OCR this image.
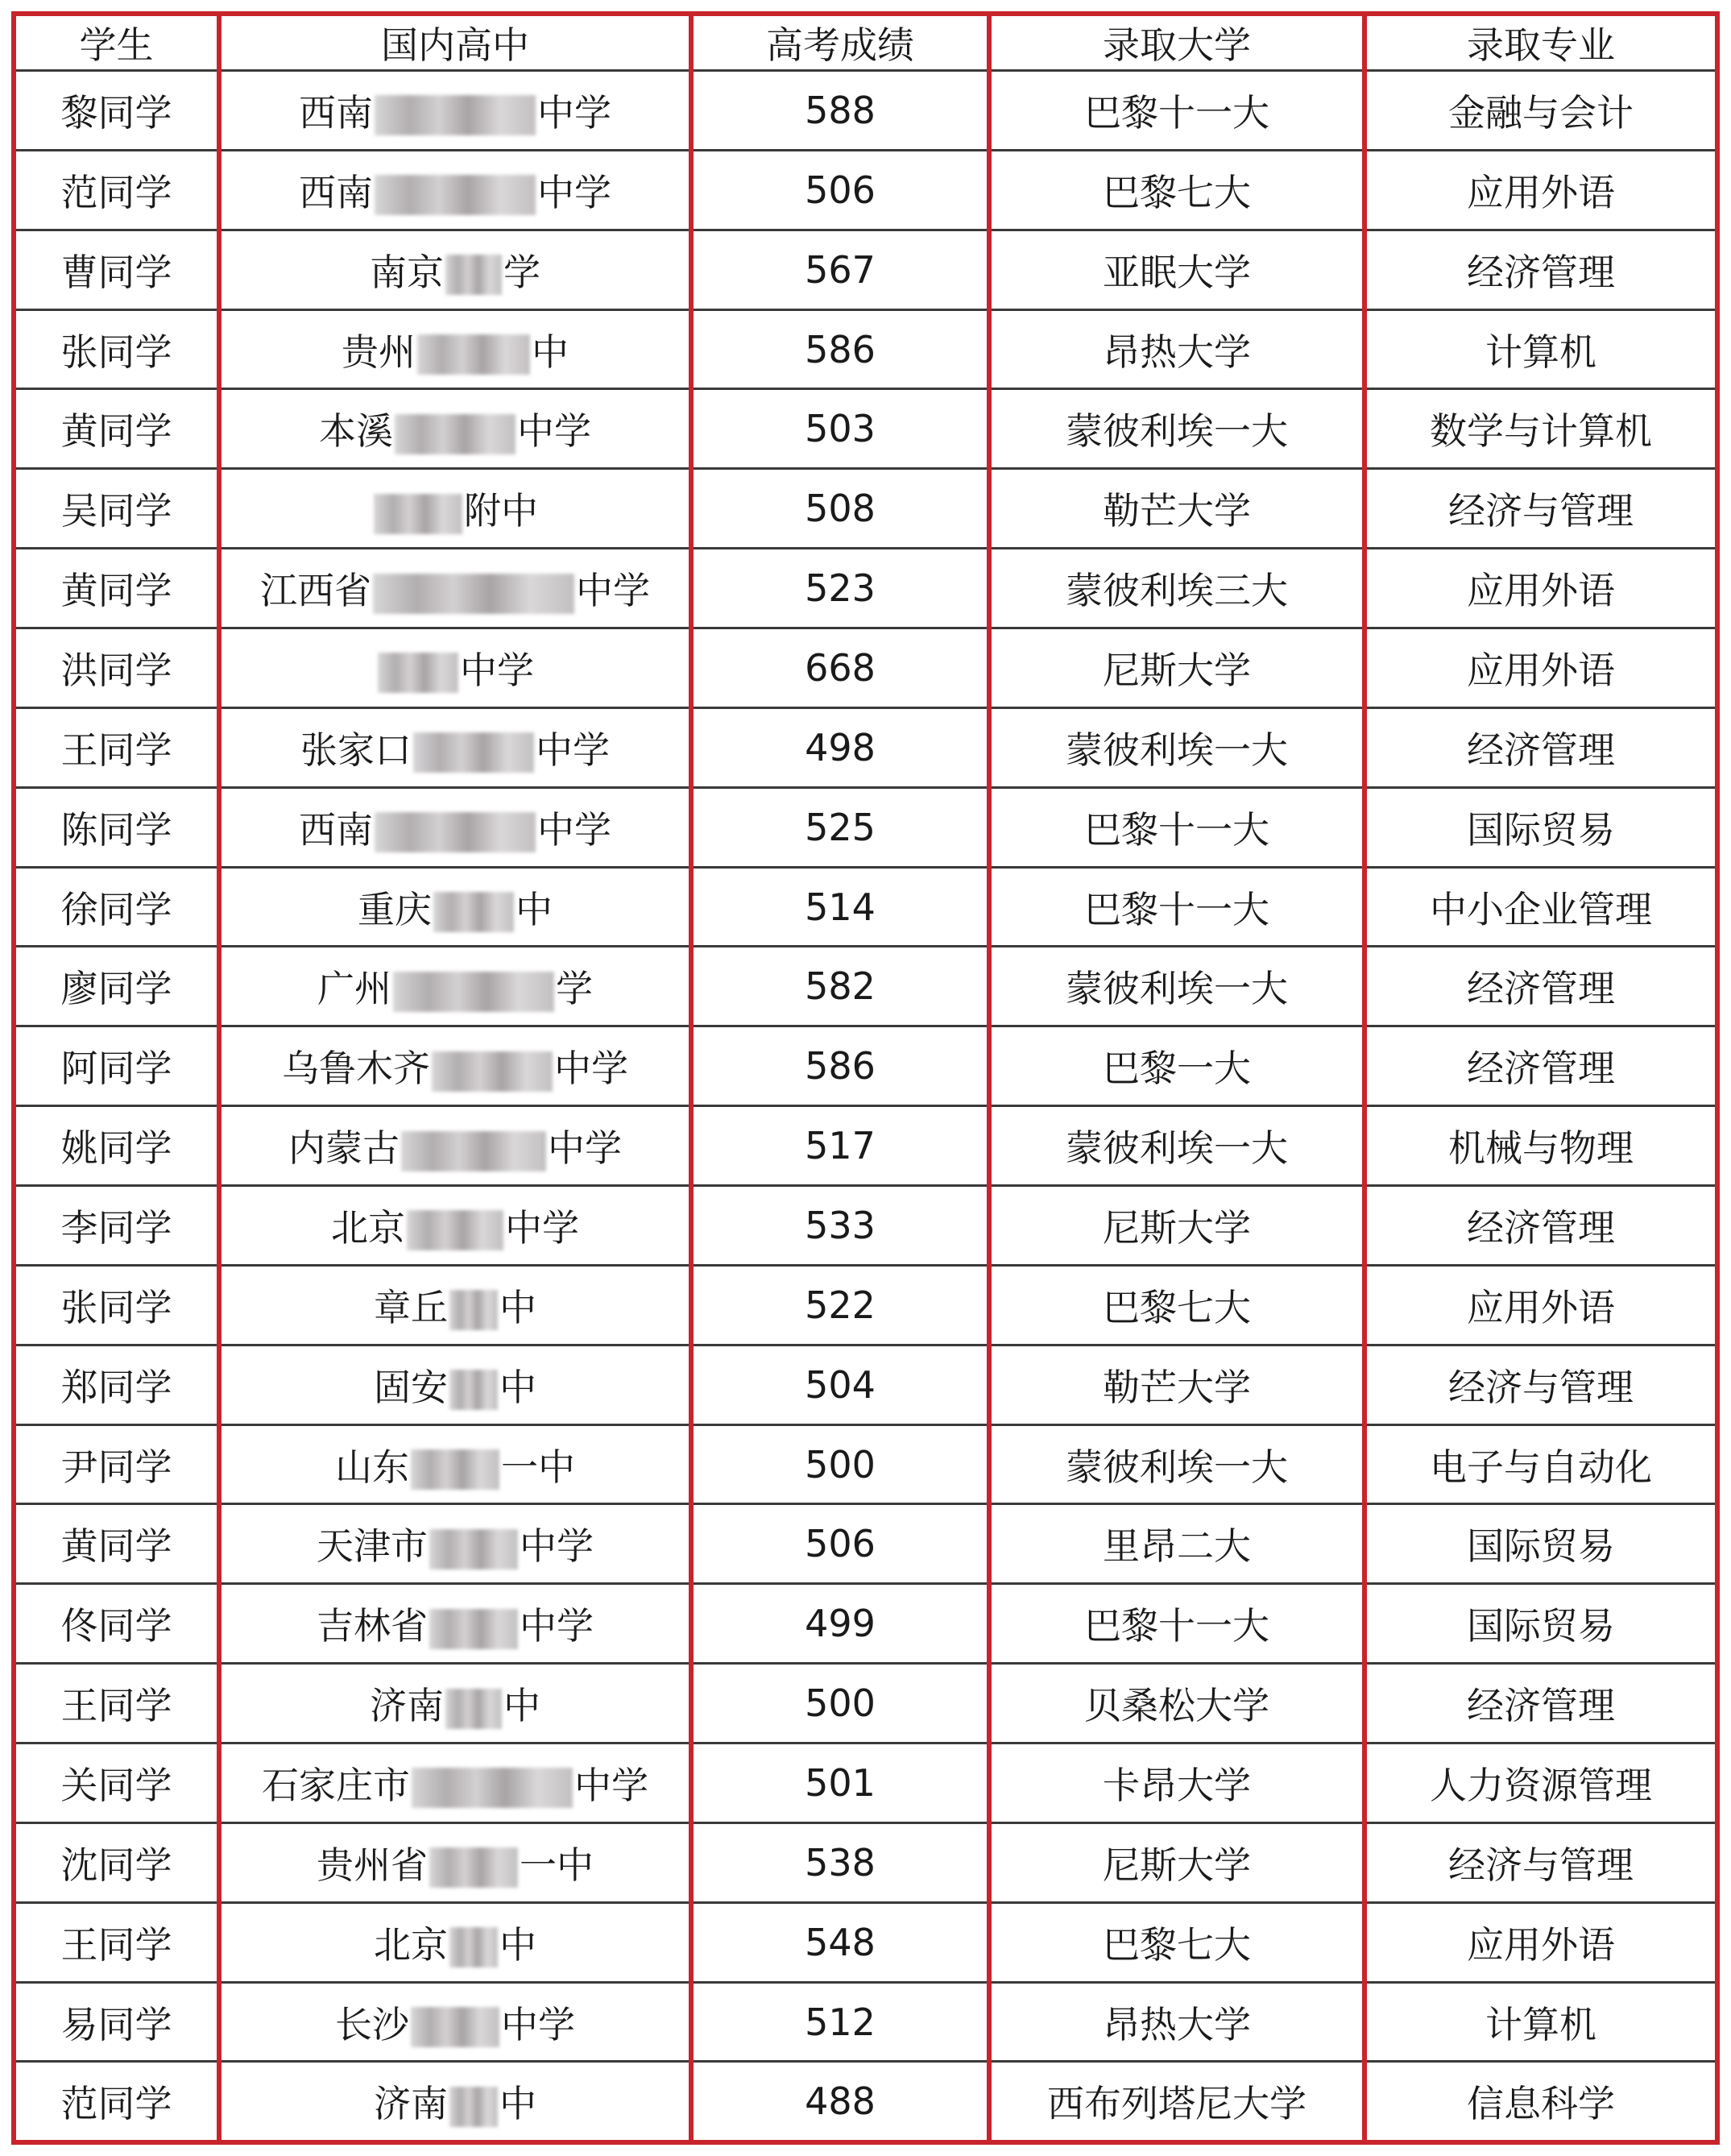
学生	国内高中	高考成绩	录取大学	录取专业
黎同学	西南 中学	588	巴黎十一大	金融与会计
范同学	西南 中学	506	巴黎七大	应用外语
曹同学	南京 学	567	亚眠大学	经济管理
张同学	贵州 中	586	昂热大学	计算机
黄同学	本溪 中学	503	蒙彼利埃一大	数学与计算机
吴同学	附中	508	勒芒大学	经济与管理
黄同学	江西省 中学	523	蒙彼利埃三大	应用外语
洪同学	中学	668	尼斯大学	应用外语
王同学	张家口 中学	498	蒙彼利埃一大	经济管理
陈同学	西南 中学	525	巴黎十一大	国际贸易
徐同学	重庆 中	514	巴黎十一大	中小企业管理
廖同学	广州 学	582	蒙彼利埃一大	经济管理
阿同学	乌鲁木齐 中学	586	巴黎一大	经济管理
姚同学	内蒙古 中学	517	蒙彼利埃一大	机械与物理
李同学	北京 中学	533	尼斯大学	经济管理
张同学	章丘 中	522	巴黎七大	应用外语
郑同学	固安 中	504	勒芒大学	经济与管理
尹同学	山东 一中	500	蒙彼利埃一大	电子与自动化
黄同学	天津市 中学	506	里昂二大	国际贸易
佟同学	吉林省 中学	499	巴黎十一大	国际贸易
王同学	济南 中	500	贝桑松大学	经济管理
关同学	石家庄市 中学	501	卡昂大学	人力资源管理
沈同学	贵州省 一中	538	尼斯大学	经济与管理
王同学	北京 中	548	巴黎七大	应用外语
易同学	长沙 中学	512	昂热大学	计算机
范同学	济南 中	488	西布列塔尼大学	信息科学
